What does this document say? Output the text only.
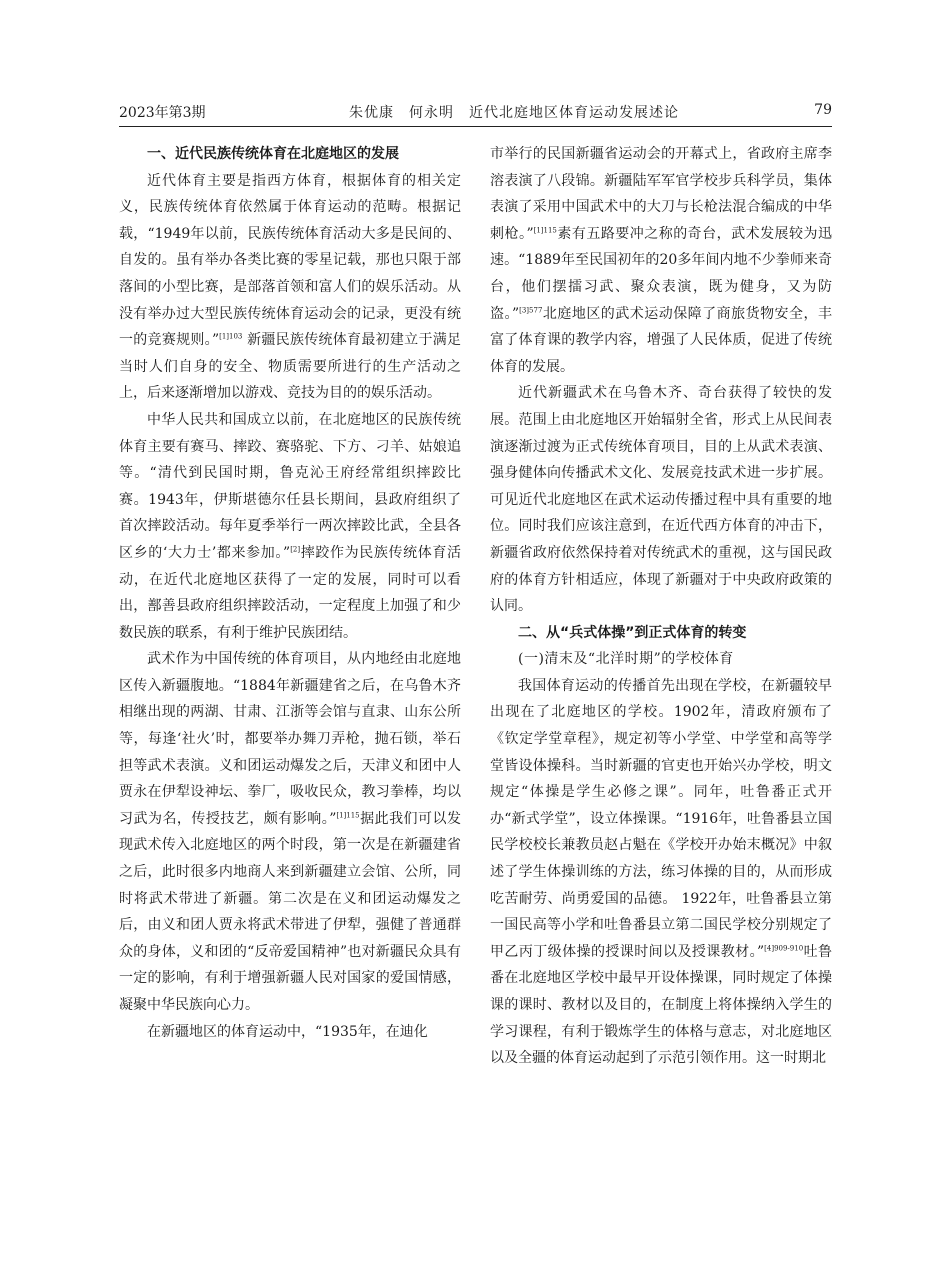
2023年第3期	朱优康　何永明　近代北庭地区体育运动发展述论	79
一、近代民族传统体育在北庭地区的发展

近代体育主要是指西方体育，根据体育的相关定义，民族传统体育依然属于体育运动的范畴。根据记载，“1949年以前，民族传统体育活动大多是民间的、自发的。虽有举办各类比赛的零星记载，那也只限于部落间的小型比赛，是部落首领和富人们的娱乐活动。从没有举办过大型民族传统体育运动会的记录，更没有统一的竞赛规则。”$^{[1]103}$ 新疆民族传统体育最初建立于满足当时人们自身的安全、物质需要所进行的生产活动之上，后来逐渐增加以游戏、竞技为目的的娱乐活动。

中华人民共和国成立以前，在北庭地区的民族传统体育主要有赛马、摔跤、赛骆驼、下方、刁羊、姑娘追等。“清代到民国时期，鲁克沁王府经常组织摔跤比赛。1943年，伊斯堪德尔任县长期间，县政府组织了首次摔跤活动。每年夏季举行一两次摔跤比武，全县各区乡的‘大力士’都来参加。”[2]摔跤作为民族传统体育活动，在近代北庭地区获得了一定的发展，同时可以看出，鄯善县政府组织摔跤活动，一定程度上加强了和少数民族的联系，有利于维护民族团结。

武术作为中国传统的体育项目，从内地经由北庭地区传入新疆腹地。“1884年新疆建省之后，在乌鲁木齐相继出现的两湖、甘肃、江浙等会馆与直隶、山东公所等，每逢‘社火’时，都要举办舞刀弄枪，抛石锁，举石担等武术表演。义和团运动爆发之后，天津义和团中人贾永在伊犁设神坛、拳厂，吸收民众，教习拳棒，均以习武为名，传授技艺，颇有影响。”$^{[1]115}$据此我们可以发现武术传入北庭地区的两个时段，第一次是在新疆建省之后，此时很多内地商人来到新疆建立会馆、公所，同时将武术带进了新疆。第二次是在义和团运动爆发之后，由义和团人贾永将武术带进了伊犁，强健了普通群众的身体，义和团的“反帝爱国精神”也对新疆民众具有一定的影响，有利于增强新疆人民对国家的爱国情感，凝聚中华民族向心力。

在新疆地区的体育运动中，“1935年，在迪化

市举行的民国新疆省运动会的开幕式上，省政府主席李溶表演了八段锦。新疆陆军军官学校步兵科学员，集体表演了采用中国武术中的大刀与长枪法混合编成的中华刺枪。”$^{[1]115}$素有五路要冲之称的奇台，武术发展较为迅速。“1889年至民国初年的20多年间内地不少拳师来奇台，他们摆擂习武、聚众表演，既为健身，又为防盗。”$^{[3]577}$北庭地区的武术运动保障了商旅货物安全，丰富了体育课的教学内容，增强了人民体质，促进了传统体育的发展。

近代新疆武术在乌鲁木齐、奇台获得了较快的发展。范围上由北庭地区开始辐射全省，形式上从民间表演逐渐过渡为正式传统体育项目，目的上从武术表演、强身健体向传播武术文化、发展竞技武术进一步扩展。可见近代北庭地区在武术运动传播过程中具有重要的地位。同时我们应该注意到，在近代西方体育的冲击下，新疆省政府依然保持着对传统武术的重视，这与国民政府的体育方针相适应，体现了新疆对于中央政府政策的认同。

二、从“兵式体操”到正式体育的转变
(一)清末及“北洋时期”的学校体育

我国体育运动的传播首先出现在学校，在新疆较早出现在了北庭地区的学校。1902年，清政府颁布了《钦定学堂章程》，规定初等小学堂、中学堂和高等学堂皆设体操科。当时新疆的官吏也开始兴办学校，明文规定“体操是学生必修之课”。同年，吐鲁番正式开办“新式学堂”，设立体操课。“1916年，吐鲁番县立国民学校校长兼教员赵占魁在《学校开办始末概况》中叙述了学生体操训练的方法，练习体操的目的，从而形成吃苦耐劳、尚勇爱国的品德。 1922年，吐鲁番县立第一国民高等小学和吐鲁番县立第二国民学校分别规定了甲乙丙丁级体操的授课时间以及授课教材。”$^{[4]909-910}$吐鲁番在北庭地区学校中最早开设体操课，同时规定了体操课的课时、教材以及目的，在制度上将体操纳入学生的学习课程，有利于锻炼学生的体格与意志，对北庭地区以及全疆的体育运动起到了示范引领作用。这一时期北
